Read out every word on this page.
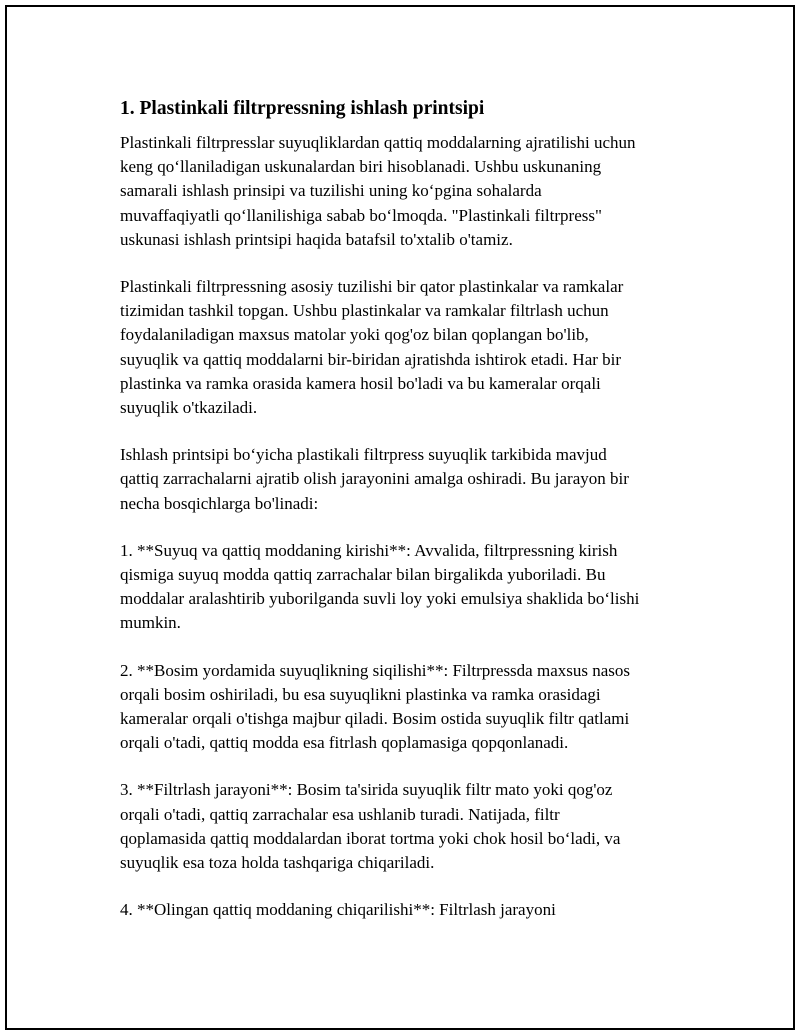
1. Plastinkali filtrpressning ishlash printsipi
Plastinkali filtrpresslar suyuqliklardan qattiq moddalarning ajratilishi uchun
keng qo‘llaniladigan uskunalardan biri hisoblanadi. Ushbu uskunaning
samarali ishlash prinsipi va tuzilishi uning ko‘pgina sohalarda
muvaffaqiyatli qo‘llanilishiga sabab bo‘lmoqda. "Plastinkali filtrpress"
uskunasi ishlash printsipi haqida batafsil to'xtalib o'tamiz.
Plastinkali filtrpressning asosiy tuzilishi bir qator plastinkalar va ramkalar
tizimidan tashkil topgan. Ushbu plastinkalar va ramkalar filtrlash uchun
foydalaniladigan maxsus matolar yoki qog'oz bilan qoplangan bo'lib,
suyuqlik va qattiq moddalarni bir-biridan ajratishda ishtirok etadi. Har bir
plastinka va ramka orasida kamera hosil bo'ladi va bu kameralar orqali
suyuqlik o'tkaziladi.
Ishlash printsipi bo‘yicha plastikali filtrpress suyuqlik tarkibida mavjud
qattiq zarrachalarni ajratib olish jarayonini amalga oshiradi. Bu jarayon bir
necha bosqichlarga bo'linadi:
1. **Suyuq va qattiq moddaning kirishi**: Avvalida, filtrpressning kirish
qismiga suyuq modda qattiq zarrachalar bilan birgalikda yuboriladi. Bu
moddalar aralashtirib yuborilganda suvli loy yoki emulsiya shaklida bo‘lishi
mumkin.
2. **Bosim yordamida suyuqlikning siqilishi**: Filtrpressda maxsus nasos
orqali bosim oshiriladi, bu esa suyuqlikni plastinka va ramka orasidagi
kameralar orqali o'tishga majbur qiladi. Bosim ostida suyuqlik filtr qatlami
orqali o'tadi, qattiq modda esa fitrlash qoplamasiga qopqonlanadi.
3. **Filtrlash jarayoni**: Bosim ta'sirida suyuqlik filtr mato yoki qog'oz
orqali o'tadi, qattiq zarrachalar esa ushlanib turadi. Natijada, filtr
qoplamasida qattiq moddalardan iborat tortma yoki chok hosil bo‘ladi, va
suyuqlik esa toza holda tashqariga chiqariladi.
4. **Olingan qattiq moddaning chiqarilishi**: Filtrlash jarayoni
